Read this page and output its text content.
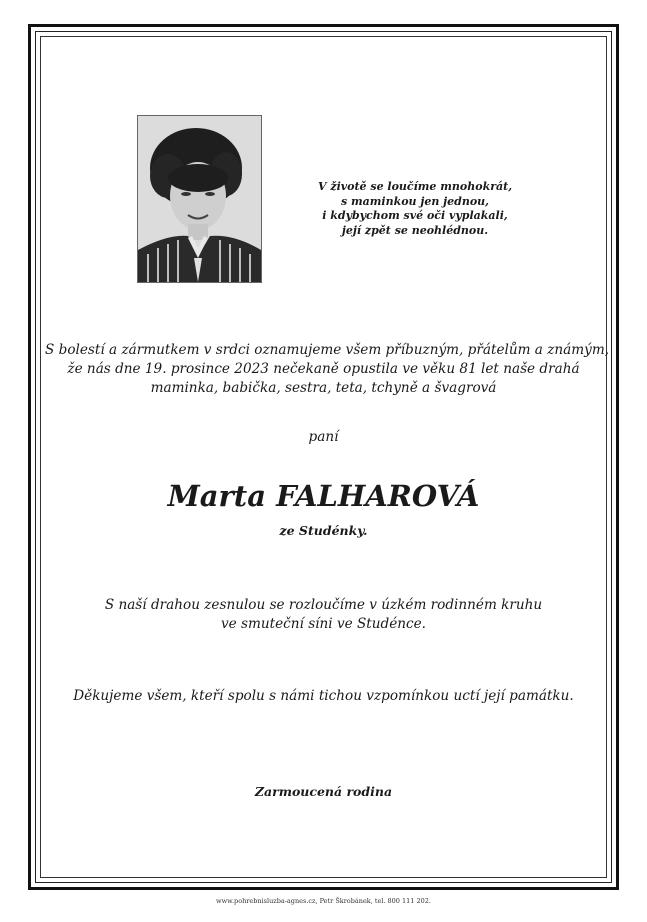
V životě se loučíme mnohokrát,
s maminkou jen jednou,
i kdybychom své oči vyplakali,
její zpět se neohlédnou.
S bolestí a zármutkem v srdci oznamujeme všem příbuzným, přátelům a známým,
že nás dne 19. prosince 2023 nečekaně opustila ve věku 81 let naše drahá
maminka, babička, sestra, teta, tchyně a švagrová
paní
Marta FALHAROVÁ
ze Studénky.
S naší drahou zesnulou se rozloučíme v úzkém rodinném kruhu
ve smuteční síni ve Studénce.
Děkujeme všem, kteří spolu s námi tichou vzpomínkou uctí její památku.
Zarmoucená rodina
www.pohrebnisluzba-agnes.cz, Petr Škrobánek, tel. 800 111 202.
